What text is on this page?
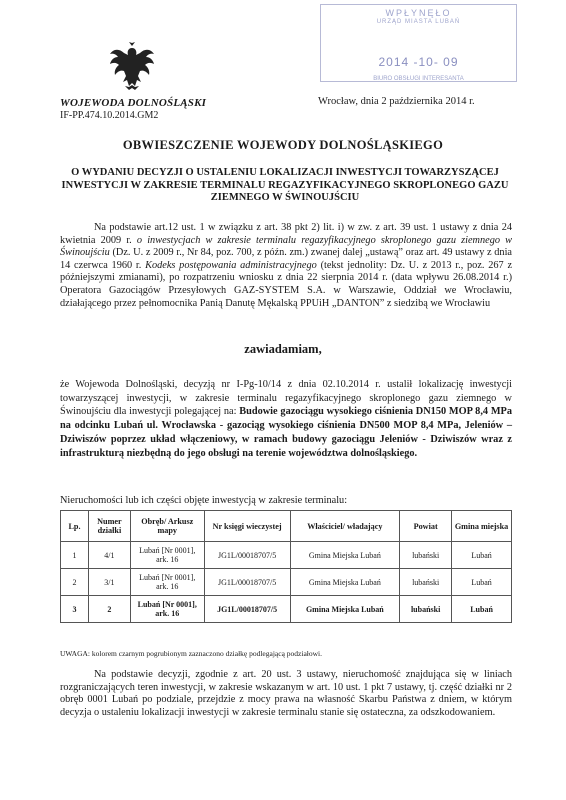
WOJEWODA DOLNOŚLĄSKI
IF-PP.474.10.2014.GM2
WPŁYNĘŁO
URZĄD MIASTA LUBAŃ
2014 -10- 09
BIURO OBSŁUGI INTERESANTA
Wrocław, dnia 2 października 2014 r.
OBWIESZCZENIE WOJEWODY DOLNOŚLĄSKIEGO
O WYDANIU DECYZJI O USTALENIU LOKALIZACJI INWESTYCJI TOWARZYSZĄCEJ INWESTYCJI W ZAKRESIE TERMINALU REGAZYFIKACYJNEGO SKROPLONEGO GAZU ZIEMNEGO W ŚWINOUJŚCIU
Na podstawie art.12 ust. 1 w związku z art. 38 pkt 2) lit. i) w zw. z art. 39 ust. 1 ustawy z dnia 24 kwietnia 2009 r. o inwestycjach w zakresie terminalu regazyfikacyjnego skroplonego gazu ziemnego w Świnoujściu (Dz. U. z 2009 r., Nr 84, poz. 700, z późn. zm.) zwanej dalej „ustawą” oraz art. 49 ustawy z dnia 14 czerwca 1960 r. Kodeks postępowania administracyjnego (tekst jednolity: Dz. U. z 2013 r., poz. 267 z późniejszymi zmianami), po rozpatrzeniu wniosku z dnia 22 sierpnia 2014 r. (data wpływu 26.08.2014 r.) Operatora Gazociągów Przesyłowych GAZ-SYSTEM S.A. w Warszawie, Oddział we Wrocławiu, działającego przez pełnomocnika Panią Danutę Mękalską PPUiH „DANTON” z siedzibą we Wrocławiu
zawiadamiam,
że Wojewoda Dolnośląski, decyzją nr I-Pg-10/14 z dnia 02.10.2014 r. ustalił lokalizację inwestycji towarzyszącej inwestycji, w zakresie terminalu regazyfikacyjnego skroplonego gazu ziemnego w Świnoujściu dla inwestycji polegającej na: Budowie gazociągu wysokiego ciśnienia DN150 MOP 8,4 MPa na odcinku Lubań ul. Wrocławska - gazociąg wysokiego ciśnienia DN500 MOP 8,4 MPa, Jeleniów – Dziwiszów poprzez układ włączeniowy, w ramach budowy gazociągu Jeleniów - Dziwiszów wraz z infrastrukturą niezbędną do jego obsługi na terenie województwa dolnośląskiego.
Nieruchomości lub ich części objęte inwestycją w zakresie terminalu:
Lp.	Numer działki	Obręb/ Arkusz mapy	Nr księgi wieczystej	Właściciel/ władający	Powiat	Gmina miejska
1	4/1	Lubań [Nr 0001], ark. 16	JG1L/00018707/5	Gmina Miejska Lubań	lubański	Lubań
2	3/1	Lubań [Nr 0001], ark. 16	JG1L/00018707/5	Gmina Miejska Lubań	lubański	Lubań
3	2	Lubań [Nr 0001], ark. 16	JG1L/00018707/5	Gmina Miejska Lubań	lubański	Lubań
UWAGA: kolorem czarnym pogrubionym zaznaczono działkę podlegającą podziałowi.
Na podstawie decyzji, zgodnie z art. 20 ust. 3 ustawy, nieruchomość znajdująca się w liniach rozgraniczających teren inwestycji, w zakresie wskazanym w art. 10 ust. 1 pkt 7 ustawy, tj. część działki nr 2 obręb 0001 Lubań po podziale, przejdzie z mocy prawa na własność Skarbu Państwa z dniem, w którym decyzja o ustaleniu lokalizacji inwestycji w zakresie terminalu stanie się ostateczna, za odszkodowaniem.
